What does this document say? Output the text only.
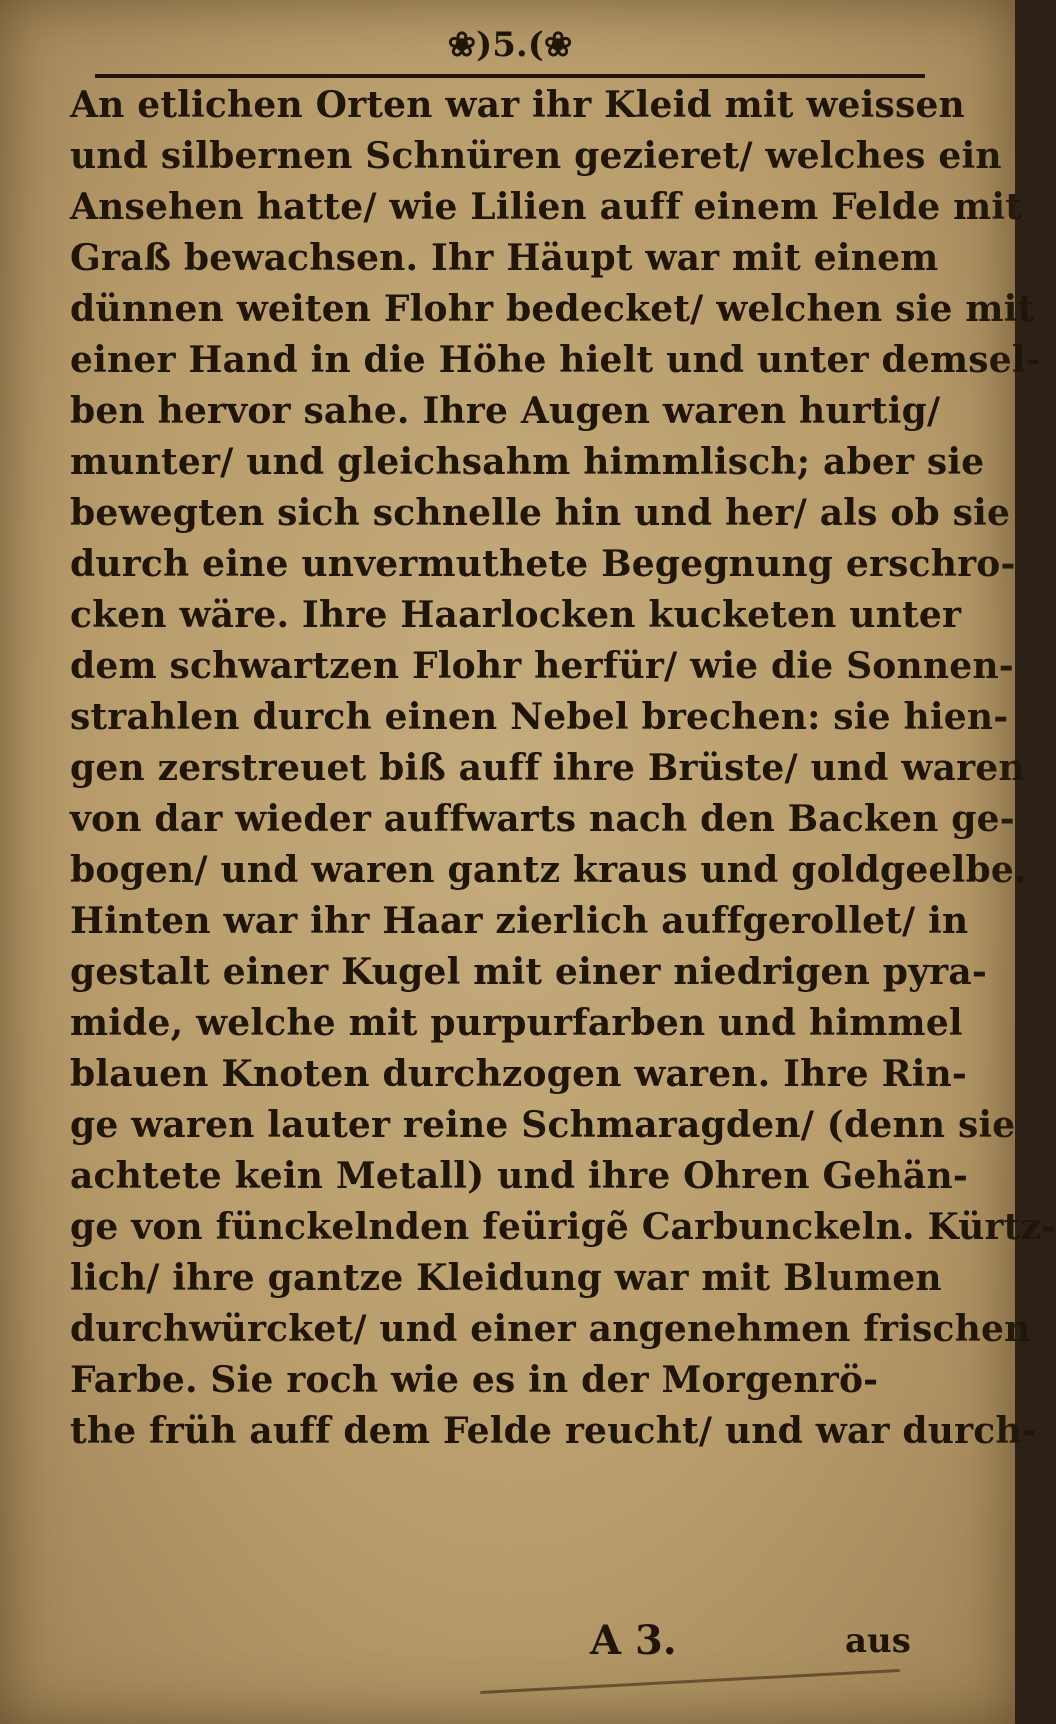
❀)5.(❀
An etlichen Orten war ihr Kleid mit weissen
und silbernen Schnüren gezieret/ welches ein
Ansehen hatte/ wie Lilien auff einem Felde mit
Graß bewachsen. Ihr Häupt war mit einem
dünnen weiten Flohr bedecket/ welchen sie mit
einer Hand in die Höhe hielt und unter demsel-
ben hervor sahe. Ihre Augen waren hurtig/
munter/ und gleichsahm himmlisch; aber sie
bewegten sich schnelle hin und her/ als ob sie
durch eine unvermuthete Begegnung erschro-
cken wäre. Ihre Haarlocken kucketen unter
dem schwartzen Flohr herfür/ wie die Sonnen-
strahlen durch einen Nebel brechen: sie hien-
gen zerstreuet biß auff ihre Brüste/ und waren
von dar wieder auffwarts nach den Backen ge-
bogen/ und waren gantz kraus und goldgeelbe.
Hinten war ihr Haar zierlich auffgerollet/ in
gestalt einer Kugel mit einer niedrigen pyra-
mide, welche mit purpurfarben und himmel
blauen Knoten durchzogen waren. Ihre Rin-
ge waren lauter reine Schmaragden/ (denn sie
achtete kein Metall) und ihre Ohren Gehän-
ge von fünckelnden feürigẽ Carbunckeln. Kürtz-
lich/ ihre gantze Kleidung war mit Blumen
durchwürcket/ und einer angenehmen frischen
Farbe. Sie roch wie es in der Morgenrö-
the früh auff dem Felde reucht/ und war durch-
A 3.	aus
